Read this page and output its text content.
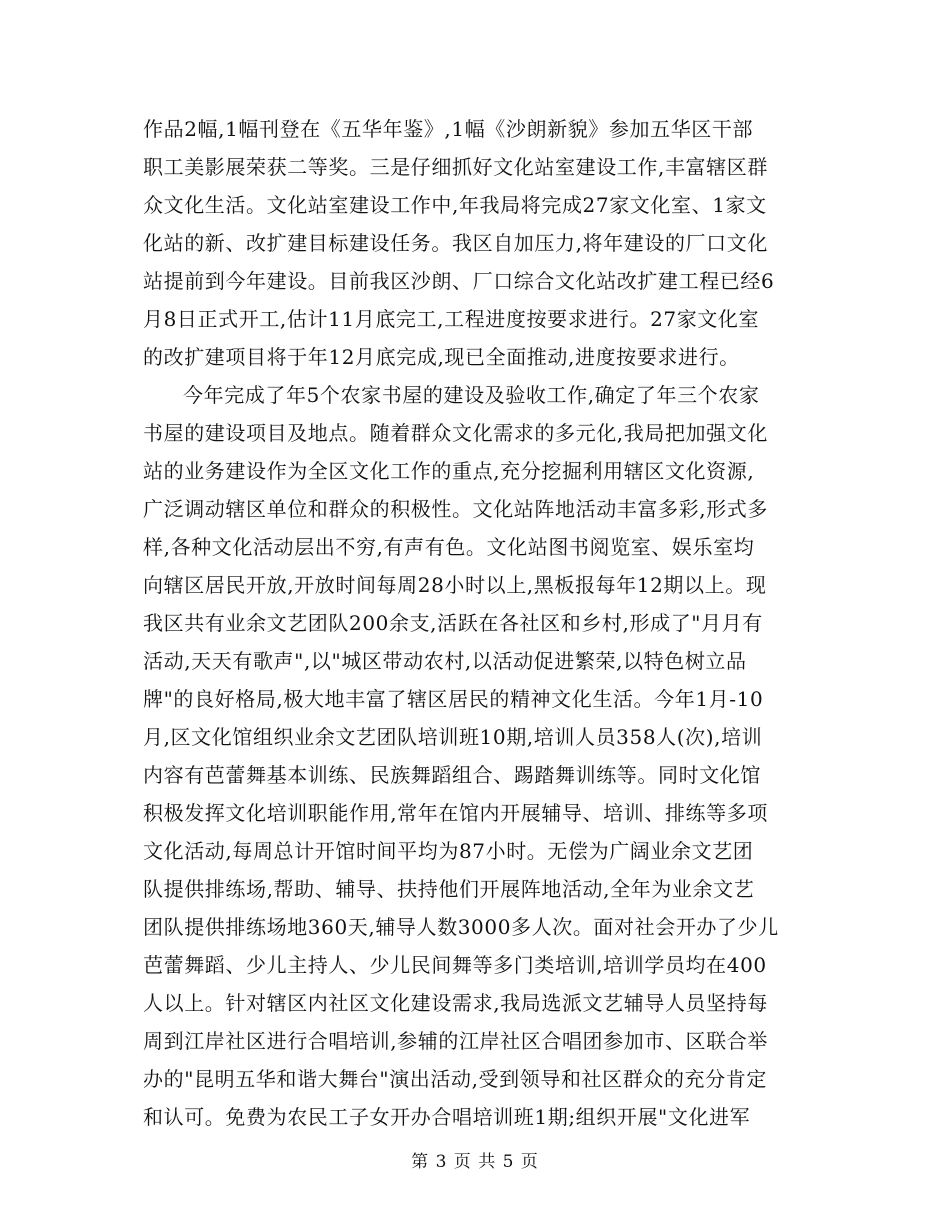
作品2幅,1幅刊登在《五华年鉴》,1幅《沙朗新貌》参加五华区干部
职工美影展荣获二等奖。三是仔细抓好文化站室建设工作,丰富辖区群
众文化生活。文化站室建设工作中,年我局将完成27家文化室、1家文
化站的新、改扩建目标建设任务。我区自加压力,将年建设的厂口文化
站提前到今年建设。目前我区沙朗、厂口综合文化站改扩建工程已经6
月8日正式开工,估计11月底完工,工程进度按要求进行。27家文化室
的改扩建项目将于年12月底完成,现已全面推动,进度按要求进行。
今年完成了年5个农家书屋的建设及验收工作,确定了年三个农家
书屋的建设项目及地点。随着群众文化需求的多元化,我局把加强文化
站的业务建设作为全区文化工作的重点,充分挖掘利用辖区文化资源,
广泛调动辖区单位和群众的积极性。文化站阵地活动丰富多彩,形式多
样,各种文化活动层出不穷,有声有色。文化站图书阅览室、娱乐室均
向辖区居民开放,开放时间每周28小时以上,黑板报每年12期以上。现
我区共有业余文艺团队200余支,活跃在各社区和乡村,形成了"月月有
活动,天天有歌声",以"城区带动农村,以活动促进繁荣,以特色树立品
牌"的良好格局,极大地丰富了辖区居民的精神文化生活。今年1月-10
月,区文化馆组织业余文艺团队培训班10期,培训人员358人(次),培训
内容有芭蕾舞基本训练、民族舞蹈组合、踢踏舞训练等。同时文化馆
积极发挥文化培训职能作用,常年在馆内开展辅导、培训、排练等多项
文化活动,每周总计开馆时间平均为87小时。无偿为广阔业余文艺团
队提供排练场,帮助、辅导、扶持他们开展阵地活动,全年为业余文艺
团队提供排练场地360天,辅导人数3000多人次。面对社会开办了少儿
芭蕾舞蹈、少儿主持人、少儿民间舞等多门类培训,培训学员均在400
人以上。针对辖区内社区文化建设需求,我局选派文艺辅导人员坚持每
周到江岸社区进行合唱培训,参辅的江岸社区合唱团参加市、区联合举
办的"昆明五华和谐大舞台"演出活动,受到领导和社区群众的充分肯定
和认可。免费为农民工子女开办合唱培训班1期;组织开展"文化进军
第 3 页 共 5 页
